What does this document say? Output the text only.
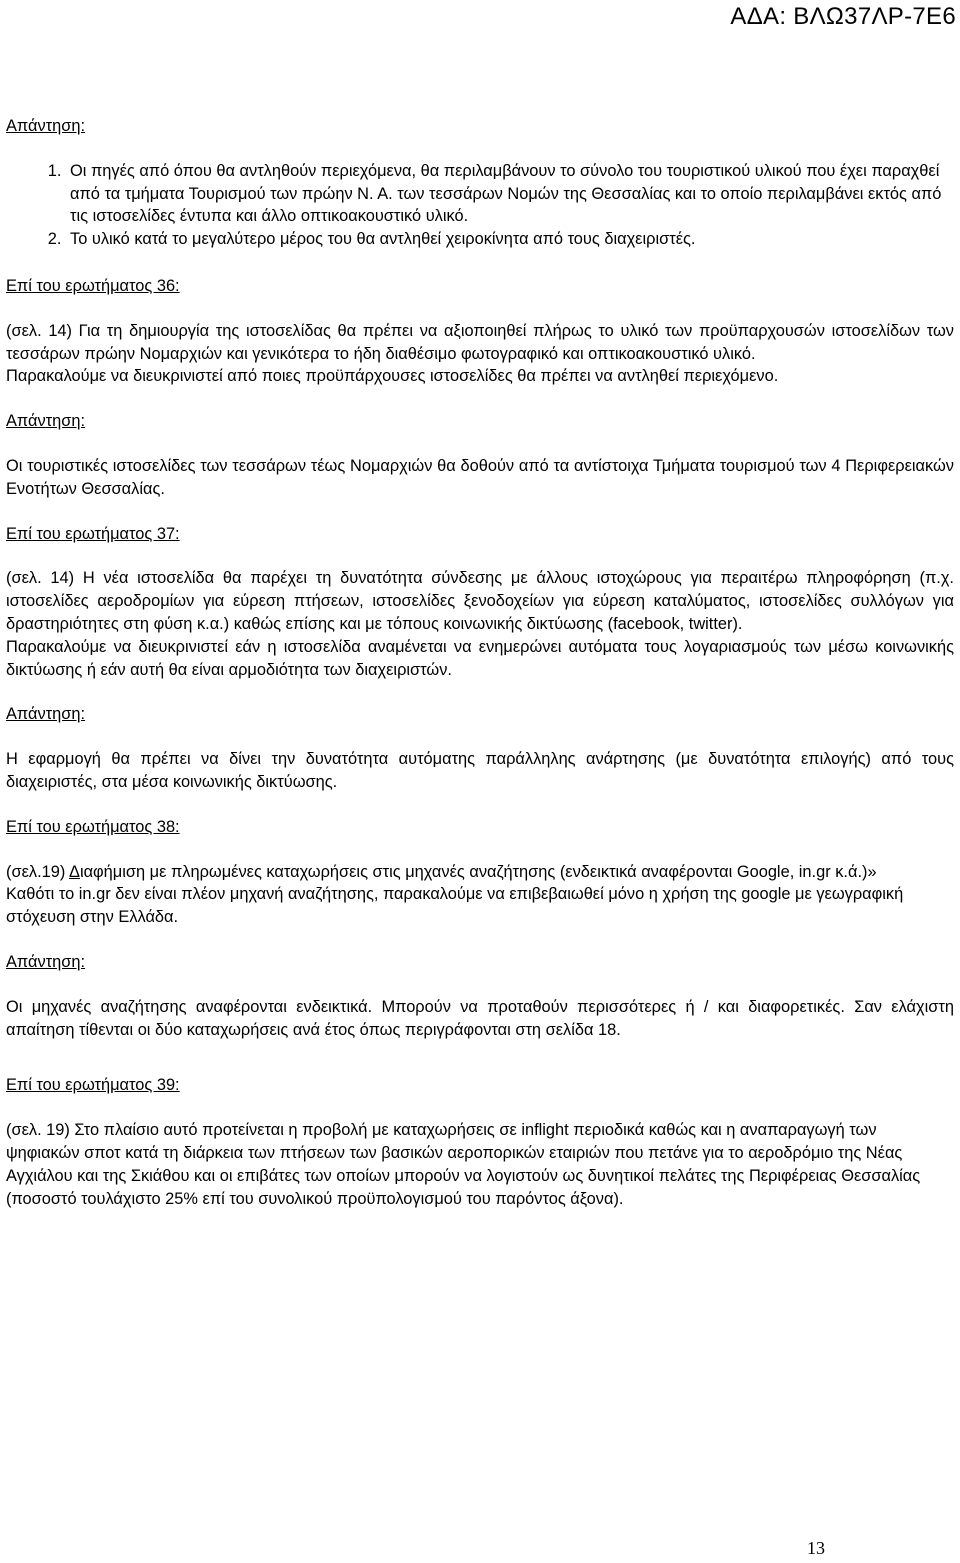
ΑΔΑ: ΒΛΩ37ΛΡ-7Ε6

Απάντηση:

1. Οι πηγές από όπου θα αντληθούν περιεχόμενα, θα περιλαμβάνουν το σύνολο του τουριστικού υλικού που έχει παραχθεί από τα τμήματα Τουρισμού των πρώην Ν. Α. των τεσσάρων Νομών της Θεσσαλίας και το οποίο περιλαμβάνει εκτός από τις ιστοσελίδες έντυπα και άλλο οπτικοακουστικό υλικό.
2. Το υλικό κατά το μεγαλύτερο μέρος του θα αντληθεί χειροκίνητα από τους διαχειριστές.

Επί του ερωτήματος 36:

(σελ. 14) Για τη δημιουργία της ιστοσελίδας θα πρέπει να αξιοποιηθεί πλήρως το υλικό των προϋπαρχουσών ιστοσελίδων των τεσσάρων πρώην Νομαρχιών και γενικότερα το ήδη διαθέσιμο φωτογραφικό και οπτικοακουστικό υλικό.

Παρακαλούμε να διευκρινιστεί από ποιες προϋπάρχουσες ιστοσελίδες θα πρέπει να αντληθεί περιεχόμενο.

Απάντηση:

Οι τουριστικές ιστοσελίδες των τεσσάρων τέως Νομαρχιών θα δοθούν από τα αντίστοιχα Τμήματα τουρισμού των 4 Περιφερειακών Ενοτήτων Θεσσαλίας.

Επί του ερωτήματος 37:

(σελ. 14) Η νέα ιστοσελίδα θα παρέχει τη δυνατότητα σύνδεσης με άλλους ιστοχώρους για περαιτέρω πληροφόρηση (π.χ. ιστοσελίδες αεροδρομίων για εύρεση πτήσεων, ιστοσελίδες ξενοδοχείων για εύρεση καταλύματος, ιστοσελίδες συλλόγων για δραστηριότητες στη φύση κ.α.) καθώς επίσης και με τόπους κοινωνικής δικτύωσης (facebook, twitter).

Παρακαλούμε να διευκρινιστεί εάν η ιστοσελίδα αναμένεται να ενημερώνει αυτόματα τους λογαριασμούς των μέσω κοινωνικής δικτύωσης ή εάν αυτή θα είναι αρμοδιότητα των διαχειριστών.

Απάντηση:

Η εφαρμογή θα πρέπει να δίνει την δυνατότητα αυτόματης παράλληλης ανάρτησης (με δυνατότητα επιλογής) από τους διαχειριστές, στα μέσα κοινωνικής δικτύωσης.

Επί του ερωτήματος 38:

(σελ.19) Διαφήμιση με πληρωμένες καταχωρήσεις στις μηχανές αναζήτησης (ενδεικτικά αναφέρονται Google, in.gr κ.ά.)»

Καθότι το in.gr δεν είναι πλέον μηχανή αναζήτησης, παρακαλούμε να επιβεβαιωθεί μόνο η χρήση της google με γεωγραφική στόχευση στην Ελλάδα.

Απάντηση:

Οι μηχανές αναζήτησης αναφέρονται ενδεικτικά. Μπορούν να προταθούν περισσότερες ή / και διαφορετικές. Σαν ελάχιστη απαίτηση τίθενται οι δύο καταχωρήσεις ανά έτος όπως περιγράφονται στη σελίδα 18.

Επί του ερωτήματος 39:

(σελ. 19) Στο πλαίσιο αυτό προτείνεται η προβολή με καταχωρήσεις σε inflight περιοδικά καθώς και η αναπαραγωγή των ψηφιακών σποτ κατά τη διάρκεια των πτήσεων των βασικών αεροπορικών εταιριών που πετάνε για το αεροδρόμιο της Νέας Αγχιάλου και της Σκιάθου και οι επιβάτες των οποίων μπορούν να λογιστούν ως δυνητικοί πελάτες της Περιφέρειας Θεσσαλίας (ποσοστό τουλάχιστο 25% επί του συνολικού προϋπολογισμού του παρόντος άξονα).

13
